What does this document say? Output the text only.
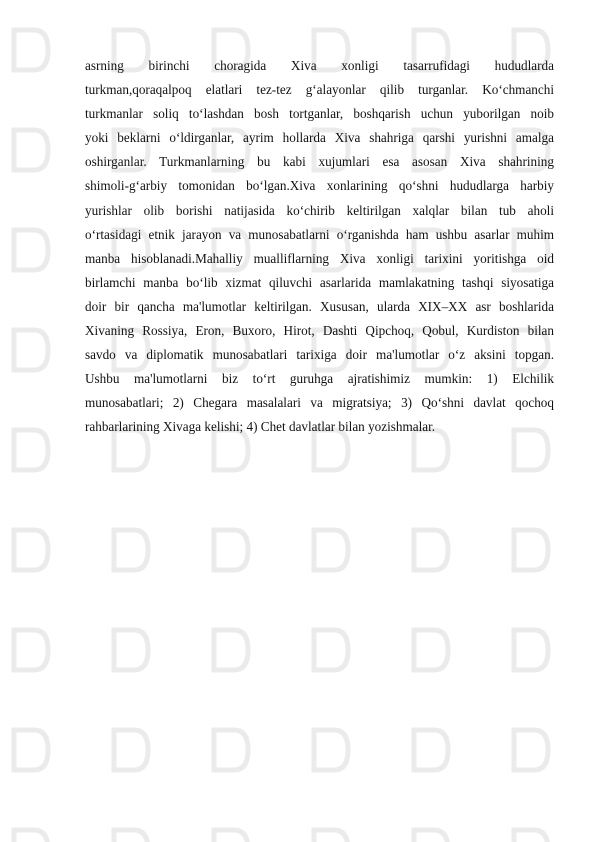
asrning birinchi choragida Xiva xonligi tasarrufidagi hududlarda
turkman,qoraqalpoq elatlari tez-tez g‘alayonlar qilib turganlar. Ko‘chmanchi
turkmanlar soliq to‘lashdan bosh tortganlar, boshqarish uchun yuborilgan noib
yoki beklarni o‘ldirganlar, ayrim hollarda Xiva shahriga qarshi yurishni amalga
oshirganlar. Turkmanlarning bu kabi xujumlari esa asosan Xiva shahrining
shimoli-g‘arbiy tomonidan bo‘lgan.Xiva xonlarining qo‘shni hududlarga harbiy
yurishlar olib borishi natijasida ko‘chirib keltirilgan xalqlar bilan tub aholi
o‘rtasidagi etnik jarayon va munosabatlarni o‘rganishda ham ushbu asarlar muhim
manba hisoblanadi.Mahalliy mualliflarning Xiva xonligi tarixini yoritishga oid
birlamchi manba bo‘lib xizmat qiluvchi asarlarida mamlakatning tashqi siyosatiga
doir bir qancha ma'lumotlar keltirilgan. Xususan, ularda XIX–XX asr boshlarida
Xivaning Rossiya, Eron, Buxoro, Hirot, Dashti Qipchoq, Qobul, Kurdiston bilan
savdo va diplomatik munosabatlari tarixiga doir ma'lumotlar o‘z aksini topgan.
Ushbu ma'lumotlarni biz to‘rt guruhga ajratishimiz mumkin: 1) Elchilik
munosabatlari; 2) Chegara masalalari va migratsiya; 3) Qo‘shni davlat qochoq
rahbarlarining Xivaga kelishi; 4) Chet davlatlar bilan yozishmalar.
